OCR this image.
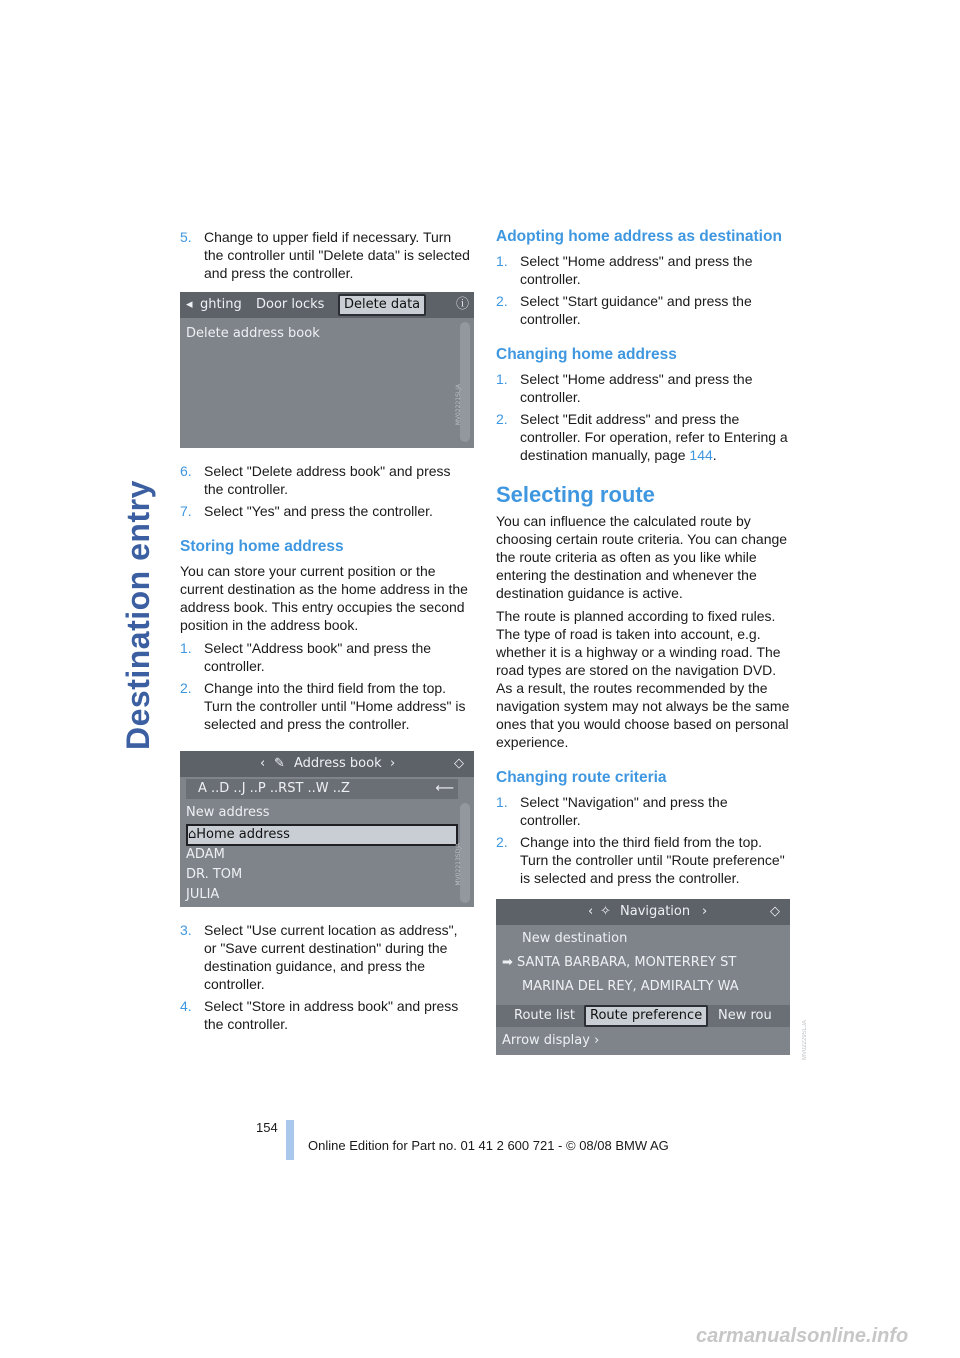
Destination entry
5. Change to upper field if necessary. Turn the controller until "Delete data" is selected and press the controller.
◂ ghting	Door locks	Delete data	ⓘ
Delete address book
MV02221SLJA
6. Select "Delete address book" and press the controller.
7. Select "Yes" and press the controller.
Storing home address

You can store your current position or the current destination as the home address in the address book. This entry occupies the second position in the address book.

1. Select "Address book" and press the controller.
2. Change into the third field from the top. Turn the controller until "Home address" is selected and press the controller.
‹ ✎ Address book ›	◇
A ..D ..J ..P ..RST ..W ..Z	⟵
New address
⌂Home address
ADAM
DR. TOM
JULIA
MV02213SDJA
3. Select "Use current location as address", or "Save current destination" during the destination guidance, and press the controller.
4. Select "Store in address book" and press the controller.
Adopting home address as destination
1. Select "Home address" and press the controller.
2. Select "Start guidance" and press the controller.
Changing home address
1. Select "Home address" and press the controller.
2. Select "Edit address" and press the controller. For operation, refer to Entering a destination manually, page 144.
Selecting route

You can influence the calculated route by choosing certain route criteria. You can change the route criteria as often as you like while entering the destination and whenever the destination guidance is active.

The route is planned according to fixed rules. The type of road is taken into account, e.g. whether it is a highway or a winding road. The road types are stored on the navigation DVD. As a result, the routes recommended by the navigation system may not always be the same ones that you would choose based on personal experience.

Changing route criteria
1. Select "Navigation" and press the controller.
2. Change into the third field from the top. Turn the controller until "Route preference" is selected and press the controller.
‹ ✧ Navigation ›	◇
New destination
➡ SANTA BARBARA, MONTERREY ST
MARINA DEL REY, ADMIRALTY WA
Route list	Route preference	New rou
Arrow display ›	MV02229SLJA
154
Online Edition for Part no. 01 41 2 600 721 - © 08/08 BMW AG
carmanualsonline.info
